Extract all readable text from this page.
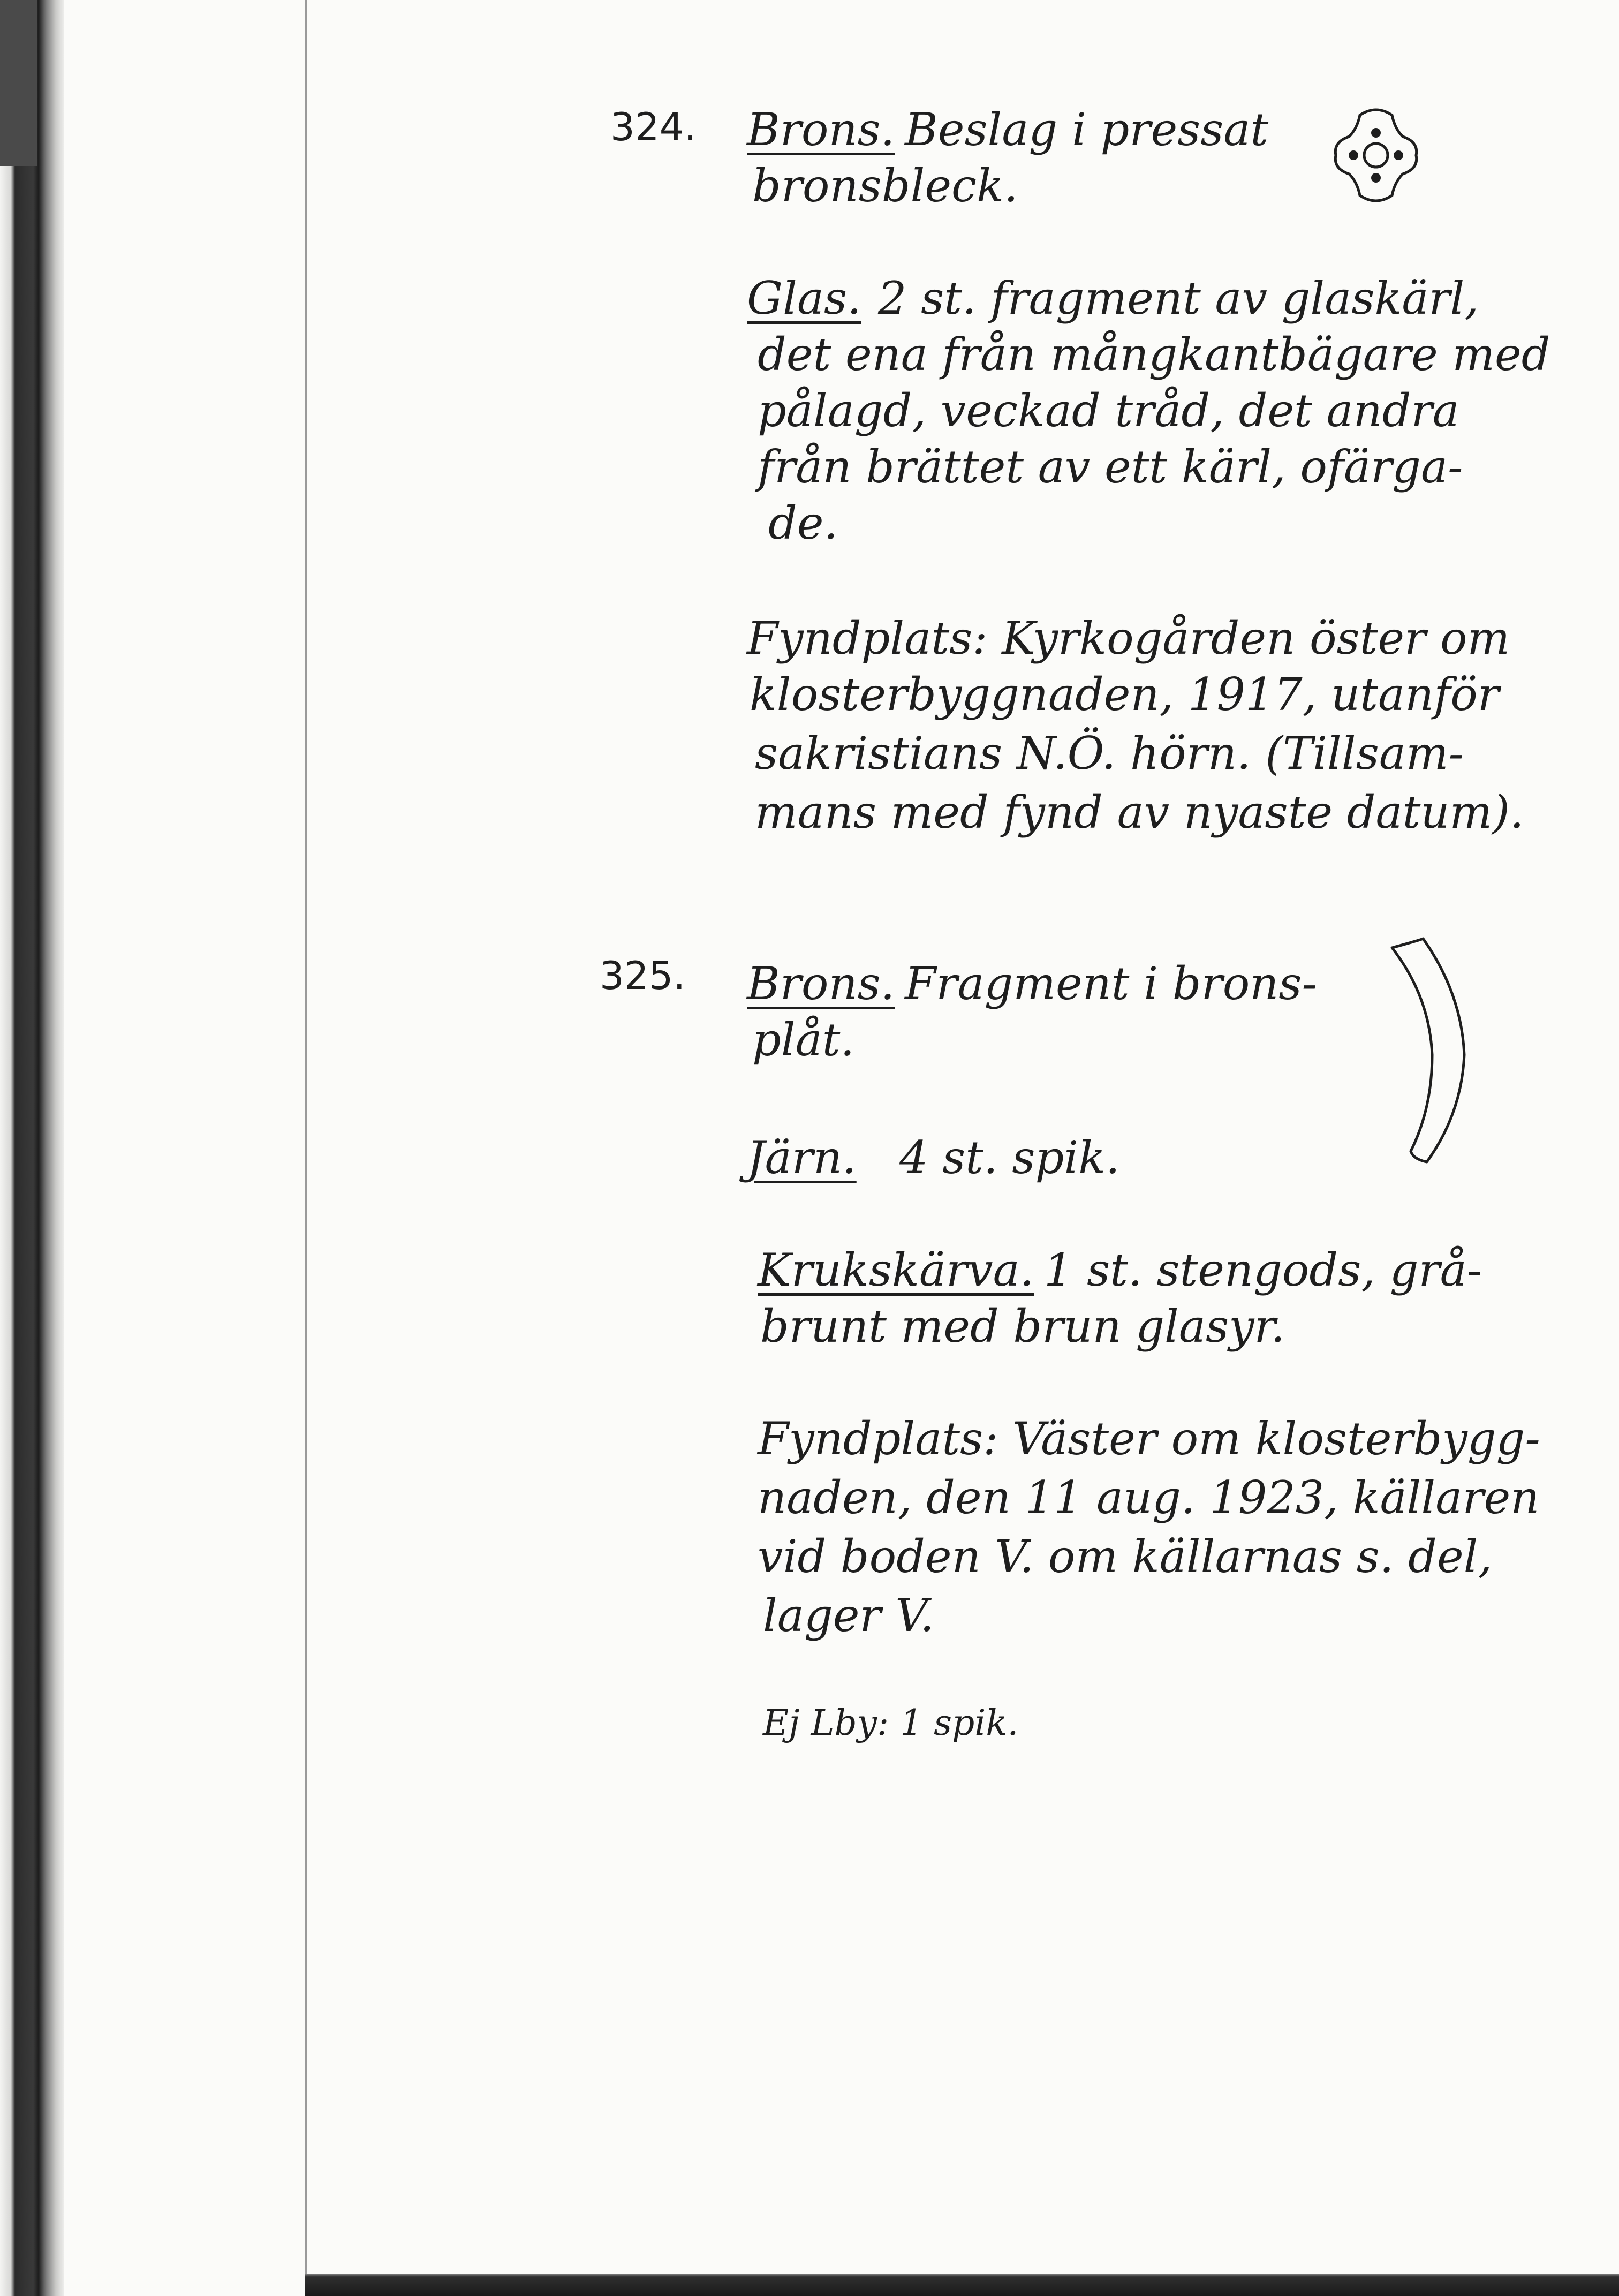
324. Brons. Beslag i pressat
bronsbleck.
Glas. 2 st. fragment av glaskärl,
det ena från mångkantbägare med
pålagd, veckad tråd, det andra
från brättet av ett kärl, ofärga-
de.
Fyndplats: Kyrkogården öster om
klosterbyggnaden, 1917, utanför
sakristians N.Ö. hörn. (Tillsam-
mans med fynd av nyaste datum).
325. Brons. Fragment i brons-
plåt.
Järn. 4 st. spik.
Krukskärva. 1 st. stengods, grå-
brunt med brun glasyr.
Fyndplats: Väster om klosterbygg-
naden, den 11 aug. 1923, källaren
vid boden V. om källarnas s. del,
lager V.
Ej Lby: 1 spik.
